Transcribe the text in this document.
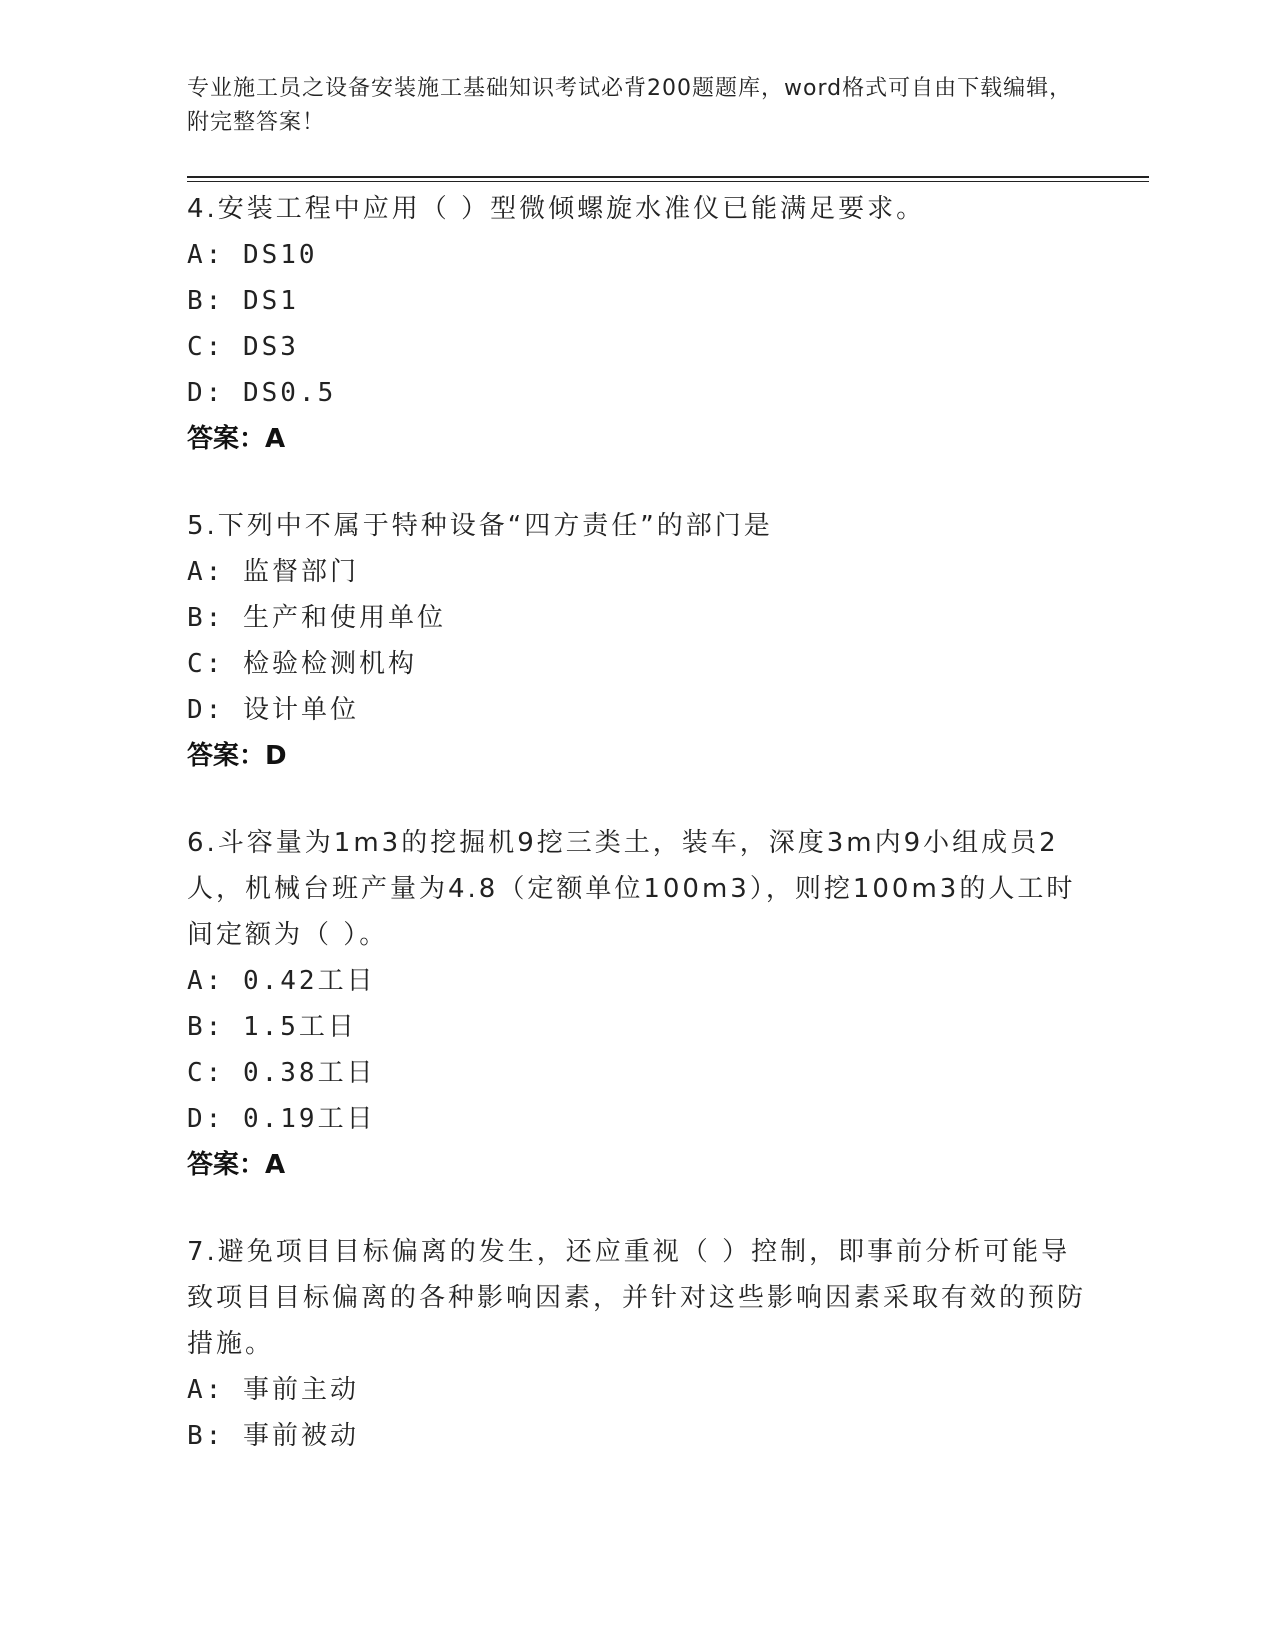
专业施工员之设备安装施工基础知识考试必背200题题库，word格式可自由下载编辑，附完整答案！
4.安装工程中应用（ ）型微倾螺旋水准仪已能满足要求。
A: DS10
B: DS1
C: DS3
D: DS0.5
答案：A
5.下列中不属于特种设备“四方责任”的部门是
A: 监督部门
B: 生产和使用单位
C: 检验检测机构
D: 设计单位
答案：D
6.斗容量为1m3的挖掘机9挖三类土，装车，深度3m内9小组成员2人，机械台班产量为4.8（定额单位100m3），则挖100m3的人工时间定额为（ ）。
A: 0.42工日
B: 1.5工日
C: 0.38工日
D: 0.19工日
答案：A
7.避免项目目标偏离的发生，还应重视（ ）控制，即事前分析可能导致项目目标偏离的各种影响因素，并针对这些影响因素采取有效的预防措施。
A: 事前主动
B: 事前被动
